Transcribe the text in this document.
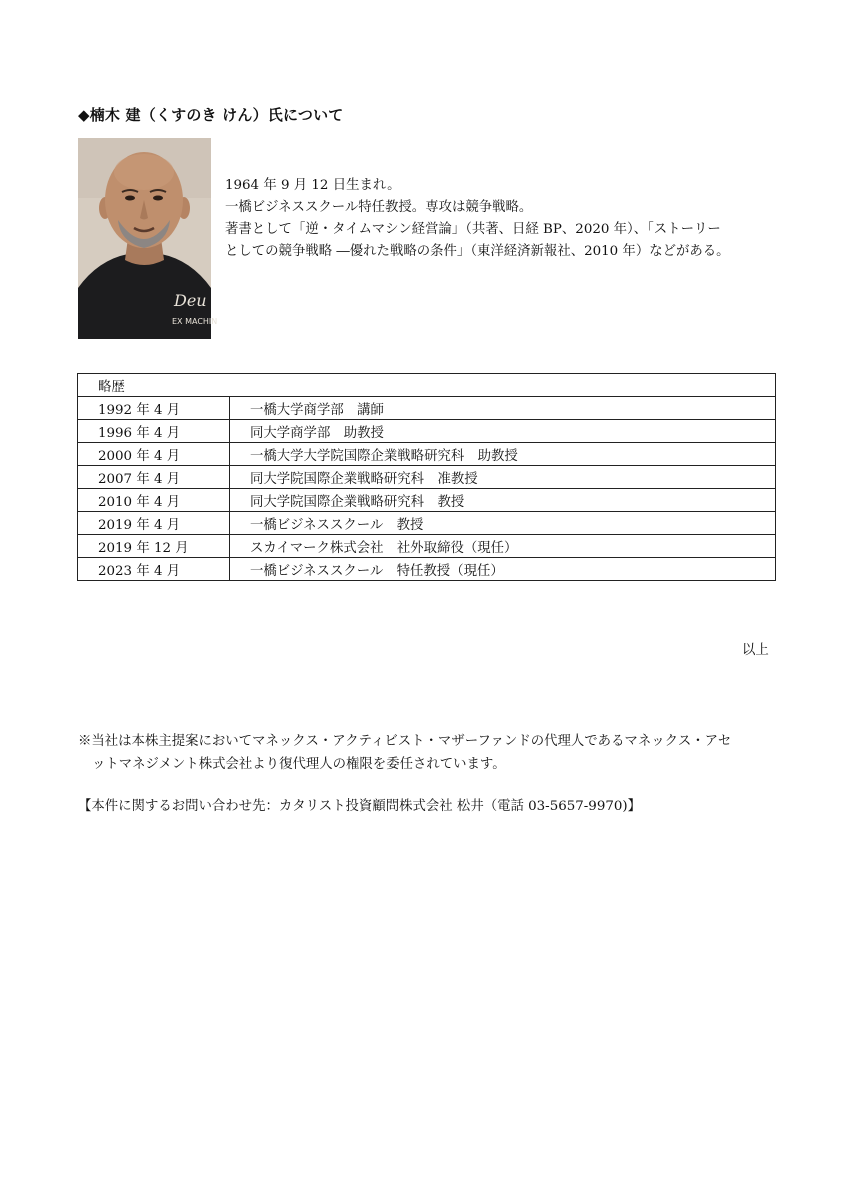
◆楠木 建（くすのき けん）氏について
Deu
EX MACHIN
1964 年 9 月 12 日生まれ。
一橋ビジネススクール特任教授。専攻は競争戦略。
著書として「逆・タイムマシン経営論」（共著、日経 BP、2020 年）、「ストーリー
としての競争戦略 ―優れた戦略の条件」（東洋経済新報社、2010 年）などがある。
略歴	
1992 年 4 月	一橋大学商学部　講師
1996 年 4 月	同大学商学部　助教授
2000 年 4 月	一橋大学大学院国際企業戦略研究科　助教授
2007 年 4 月	同大学院国際企業戦略研究科　准教授
2010 年 4 月	同大学院国際企業戦略研究科　教授
2019 年 4 月	一橋ビジネススクール　教授
2019 年 12 月	スカイマーク株式会社　社外取締役（現任）
2023 年 4 月	一橋ビジネススクール　特任教授（現任）
以上
※当社は本株主提案においてマネックス・アクティビスト・マザーファンドの代理人であるマネックス・アセ
ットマネジメント株式会社より復代理人の権限を委任されています。
【本件に関するお問い合わせ先：カタリスト投資顧問株式会社 松井（電話 03-5657-9970)】
